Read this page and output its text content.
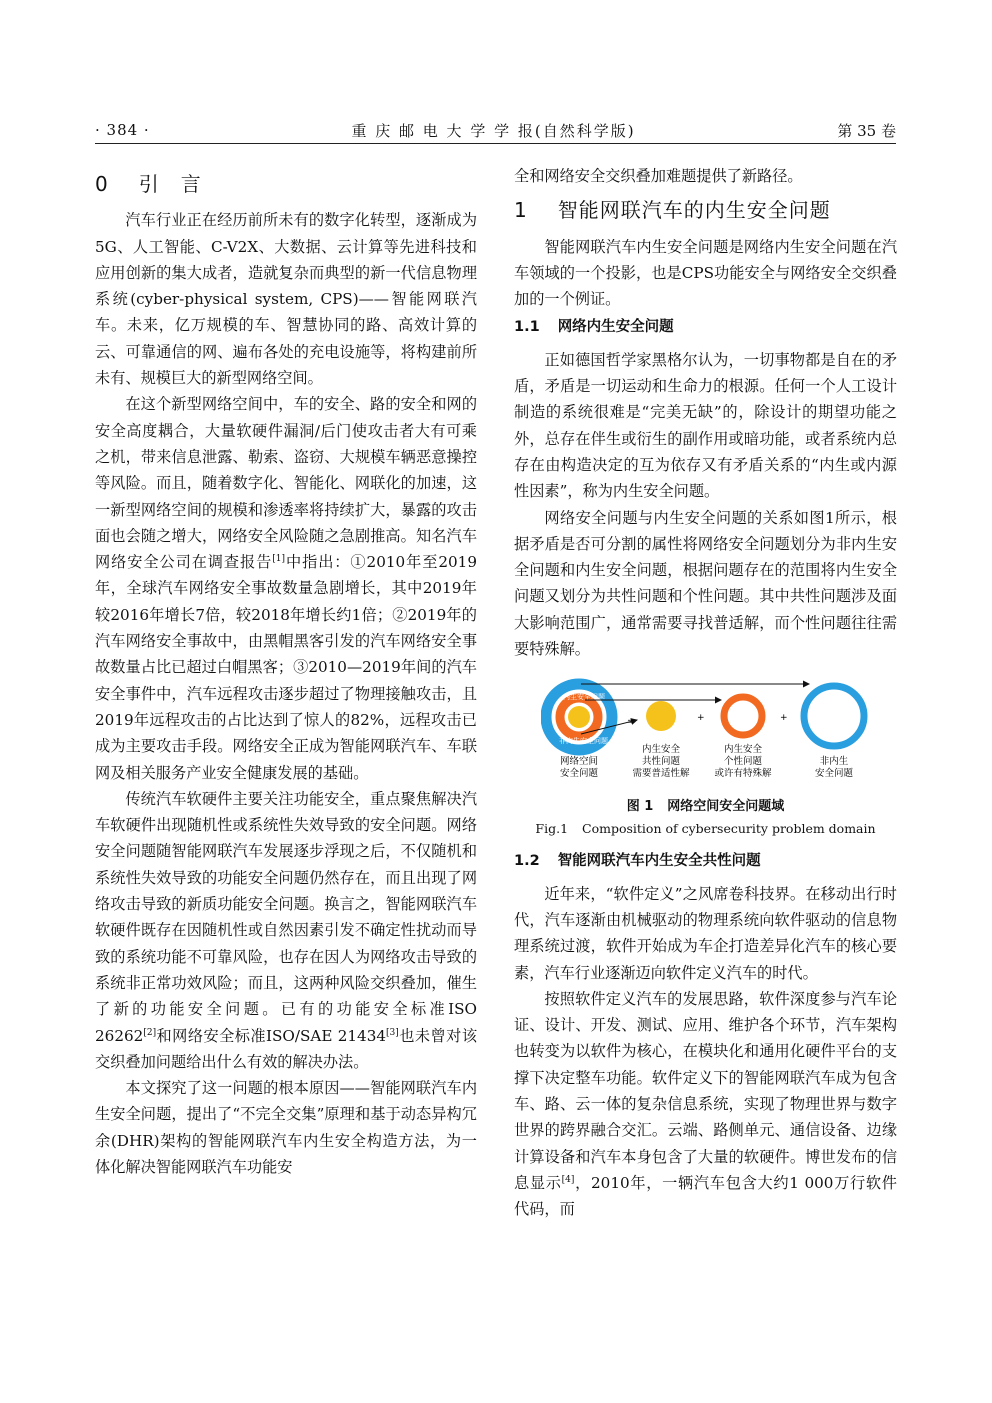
· 384 ·	重 庆 邮 电 大 学 学 报(自然科学版)	第 35 卷
0 引　言

汽车行业正在经历前所未有的数字化转型，逐渐成为5G、人工智能、C-V2X、大数据、云计算等先进科技和应用创新的集大成者，造就复杂而典型的新一代信息物理系统(cyber-physical system, CPS)——智能网联汽车。未来，亿万规模的车、智慧协同的路、高效计算的云、可靠通信的网、遍布各处的充电设施等，将构建前所未有、规模巨大的新型网络空间。

在这个新型网络空间中，车的安全、路的安全和网的安全高度耦合，大量软硬件漏洞/后门使攻击者大有可乘之机，带来信息泄露、勒索、盗窃、大规模车辆恶意操控等风险。而且，随着数字化、智能化、网联化的加速，这一新型网络空间的规模和渗透率将持续扩大，暴露的攻击面也会随之增大，网络安全风险随之急剧推高。知名汽车网络安全公司在调查报告[1]中指出：①2010年至2019年，全球汽车网络安全事故数量急剧增长，其中2019年较2016年增长7倍，较2018年增长约1倍；②2019年的汽车网络安全事故中，由黑帽黑客引发的汽车网络安全事故数量占比已超过白帽黑客；③2010—2019年间的汽车安全事件中，汽车远程攻击逐步超过了物理接触攻击，且2019年远程攻击的占比达到了惊人的82%，远程攻击已成为主要攻击手段。网络安全正成为智能网联汽车、车联网及相关服务产业安全健康发展的基础。

传统汽车软硬件主要关注功能安全，重点聚焦解决汽车软硬件出现随机性或系统性失效导致的安全问题。网络安全问题随智能网联汽车发展逐步浮现之后，不仅随机和系统性失效导致的功能安全问题仍然存在，而且出现了网络攻击导致的新质功能安全问题。换言之，智能网联汽车软硬件既存在因随机性或自然因素引发不确定性扰动而导致的系统功能不可靠风险，也存在因人为网络攻击导致的系统非正常功效风险；而且，这两种风险交织叠加，催生了新的功能安全问题。已有的功能安全标准ISO 26262[2]和网络安全标准ISO/SAE 21434[3]也未曾对该交织叠加问题给出什么有效的解决办法。

本文探究了这一问题的根本原因——智能网联汽车内生安全问题，提出了“不完全交集”原理和基于动态异构冗余(DHR)架构的智能网联汽车内生安全构造方法，为一体化解决智能网联汽车功能安

全和网络安全交织叠加难题提供了新路径。

1 智能网联汽车的内生安全问题

智能网联汽车内生安全问题是网络内生安全问题在汽车领域的一个投影，也是CPS功能安全与网络安全交织叠加的一个例证。

1.1 网络内生安全问题

正如德国哲学家黑格尔认为，一切事物都是自在的矛盾，矛盾是一切运动和生命力的根源。任何一个人工设计制造的系统很难是“完美无缺”的，除设计的期望功能之外，总存在伴生或衍生的副作用或暗功能，或者系统内总存在由构造决定的互为依存又有矛盾关系的“内生或内源性因素”，称为内生安全问题。

网络安全问题与内生安全问题的关系如图1所示，根据矛盾是否可分割的属性将网络安全问题划分为非内生安全问题和内生安全问题，根据问题存在的范围将内生安全问题又划分为共性问题和个性问题。其中共性问题涉及面大影响范围广，通常需要寻找普适解，而个性问题往往需要特殊解。

内生安全问题
非内生安全问题
=	+	+
网络空间
安全问题
内生安全
共性问题
需要普适性解
内生安全
个性问题
或许有特殊解
非内生
安全问题
图 1 网络空间安全问题域
Fig.1 Composition of cybersecurity problem domain
1.2 智能网联汽车内生安全共性问题

近年来，“软件定义”之风席卷科技界。在移动出行时代，汽车逐渐由机械驱动的物理系统向软件驱动的信息物理系统过渡，软件开始成为车企打造差异化汽车的核心要素，汽车行业逐渐迈向软件定义汽车的时代。

按照软件定义汽车的发展思路，软件深度参与汽车论证、设计、开发、测试、应用、维护各个环节，汽车架构也转变为以软件为核心，在模块化和通用化硬件平台的支撑下决定整车功能。软件定义下的智能网联汽车成为包含车、路、云一体的复杂信息系统，实现了物理世界与数字世界的跨界融合交汇。云端、路侧单元、通信设备、边缘计算设备和汽车本身包含了大量的软硬件。博世发布的信息显示[4]，2010年，一辆汽车包含大约1 000万行软件代码，而
